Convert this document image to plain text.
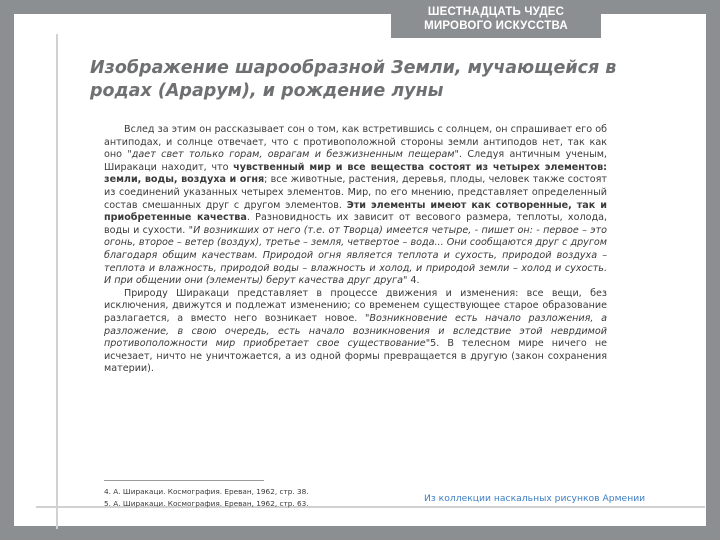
ШЕСТНАДЦАТЬ ЧУДЕС
МИРОВОГО ИСКУССТВА
Изображение шарообразной Земли, мучающейся в родах (Арарум), и рождение луны

Вслед за этим он рассказывает сон о том, как встретившись с солнцем, он спрашивает его об антиподах, и солнце отвечает, что с противоположной стороны земли антиподов нет, так как оно "дает свет только горам, оврагам и безжизненным пещерам". Следуя античным ученым, Ширакаци находит, что чувственный мир и все вещества состоят из четырех элементов: земли, воды, воздуха и огня; все животные, растения, деревья, плоды, человек также состоят из соединений указанных четырех элементов. Мир, по его мнению, представляет определенный состав смешанных друг с другом элементов. Эти элементы имеют как сотворенные, так и приобретенные качества. Разновидность их зависит от весового размера, теплоты, холода, воды и сухости. "И возникших от него (т.е. от Творца) имеется четыре, - пишет он: - первое – это огонь, второе – ветер (воздух), третье – земля, четвертое – вода... Они сообщаются друг с другом благодаря общим качествам. Природой огня является теплота и сухость, природой воздуха – теплота и влажность, природой воды – влажность и холод, и природой земли – холод и сухость. И при общении они (элементы) берут качества друг друга" 4.

Природу Ширакаци представляет в процессе движения и изменения: все вещи, без исключения, движутся и подлежат изменению; со временем существующее старое образование разлагается, а вместо него возникает новое. "Возникновение есть начало разложения, а разложение, в свою очередь, есть начало возникновения и вследствие этой неврдимой противоположности мир приобретает свое существование"5. В телесном мире ничего не исчезает, ничто не уничтожается, а из одной формы превращается в другую (закон сохранения материи).

4. А. Ширакаци. Космография. Ереван, 1962, стр. 38.
5. А. Ширакаци. Космография. Ереван, 1962, стр. 63.	Из коллекции наскальных рисунков Армении
© 2017, Ваганян В.
